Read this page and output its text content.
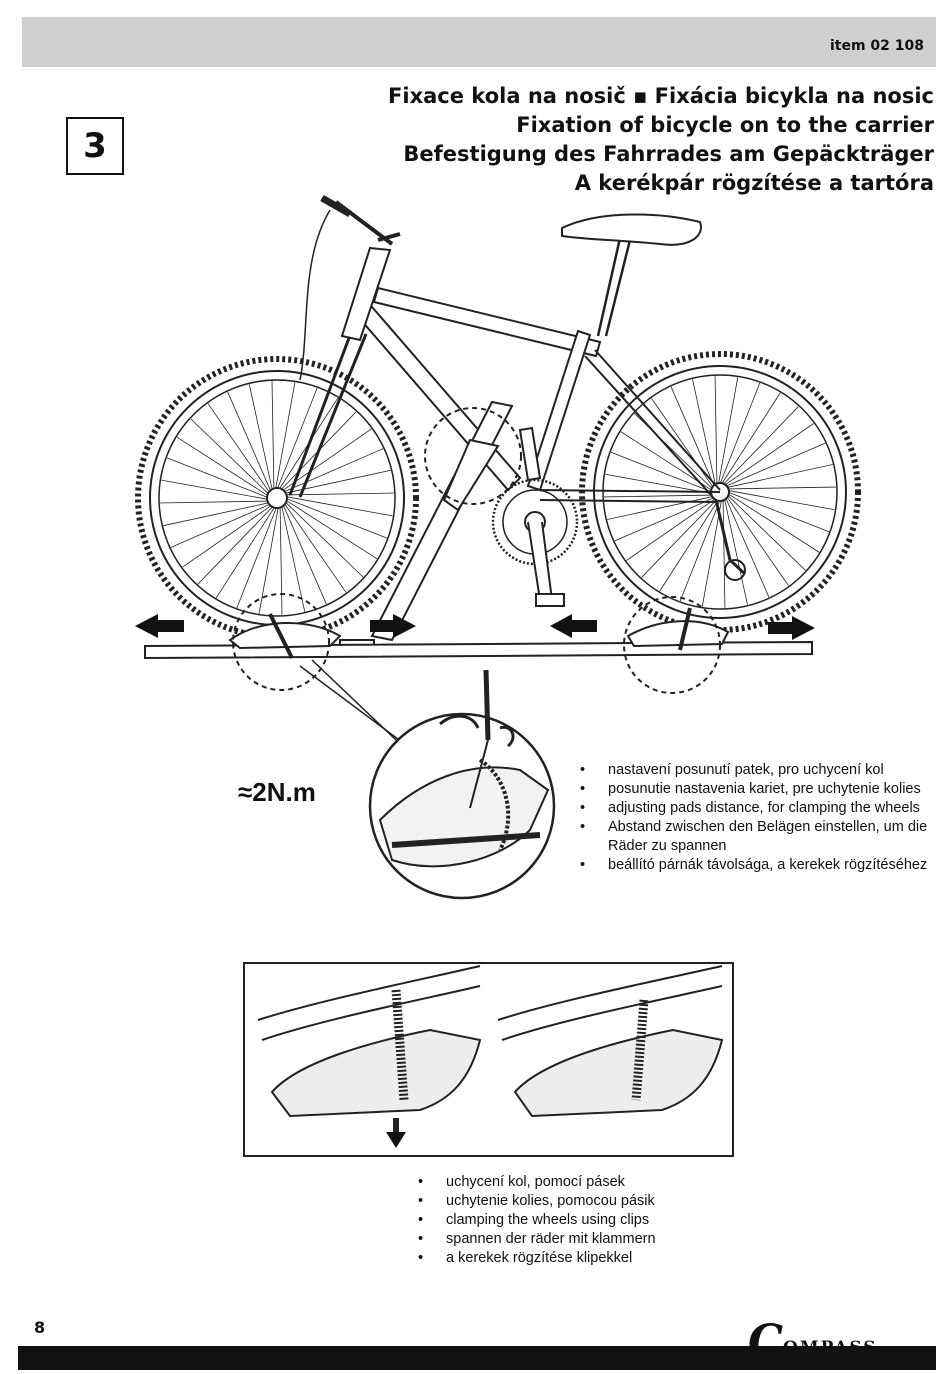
item 02 108
3
Fixace kola na nosič ▪ Fixácia bicykla na nosic
Fixation of bicycle on to the carrier
Befestigung des Fahrrades am Gepäckträger
A kerékpár rögzítése a tartóra
≈2N.m
• nastavení posunutí patek, pro uchycení kol
• posunutie nastavenia kariet, pre uchytenie kolies
• adjusting pads distance, for clamping the wheels
• Abstand zwischen den Belägen einstellen, um die Räder zu spannen
• beállító párnák távolsága, a kerekek rögzítéséhez
• uchycení kol, pomocí pásek
• uchytenie kolies, pomocou pásik
• clamping the wheels using clips
• spannen der räder mit klammern
• a kerekek rögzítése klipekkel
8	COMPASS
